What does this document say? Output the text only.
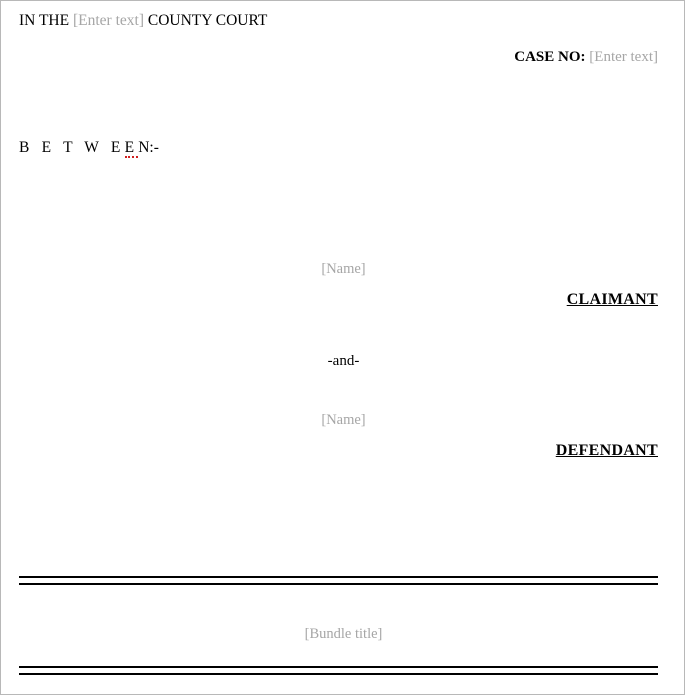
IN THE [Enter text] COUNTY COURT
CASE NO: [Enter text]
B E T W EEN:-
[Name]
CLAIMANT
-and-
[Name]
DEFENDANT
[Bundle title]
